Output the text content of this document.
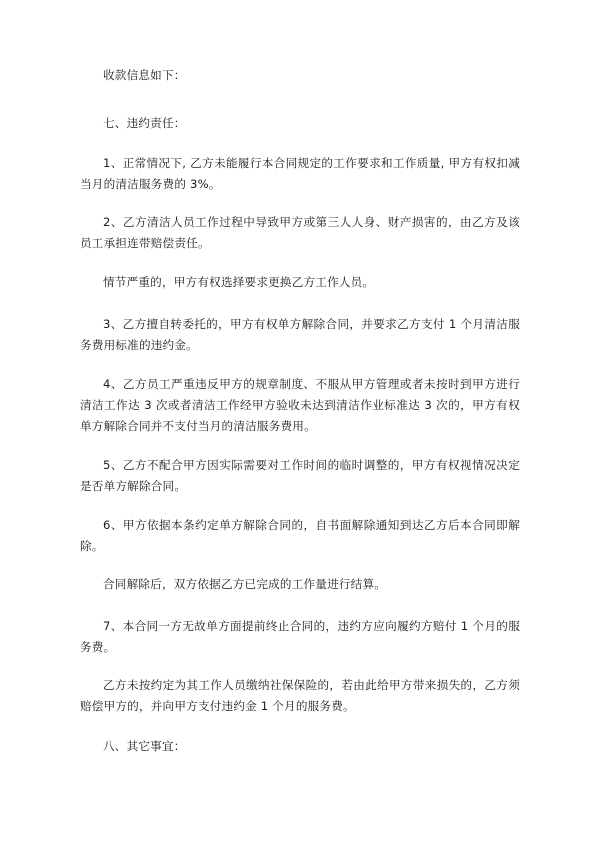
收款信息如下：

七、违约责任：

1、正常情况下, 乙方未能履行本合同规定的工作要求和工作质量, 甲方有权扣减当月的清洁服务费的 3%。

2、乙方清洁人员工作过程中导致甲方或第三人人身、财产损害的，由乙方及该员工承担连带赔偿责任。

情节严重的，甲方有权选择要求更换乙方工作人员。

3、乙方擅自转委托的，甲方有权单方解除合同，并要求乙方支付 1 个月清洁服务费用标准的违约金。

4、乙方员工严重违反甲方的规章制度、不服从甲方管理或者未按时到甲方进行清洁工作达 3 次或者清洁工作经甲方验收未达到清洁作业标准达 3 次的，甲方有权单方解除合同并不支付当月的清洁服务费用。

5、乙方不配合甲方因实际需要对工作时间的临时调整的，甲方有权视情况决定是否单方解除合同。

6、甲方依据本条约定单方解除合同的，自书面解除通知到达乙方后本合同即解除。

合同解除后，双方依据乙方已完成的工作量进行结算。

7、本合同一方无故单方面提前终止合同的，违约方应向履约方赔付 1 个月的服务费。

乙方未按约定为其工作人员缴纳社保保险的，若由此给甲方带来损失的，乙方须赔偿甲方的，并向甲方支付违约金 1 个月的服务费。

八、其它事宜：
